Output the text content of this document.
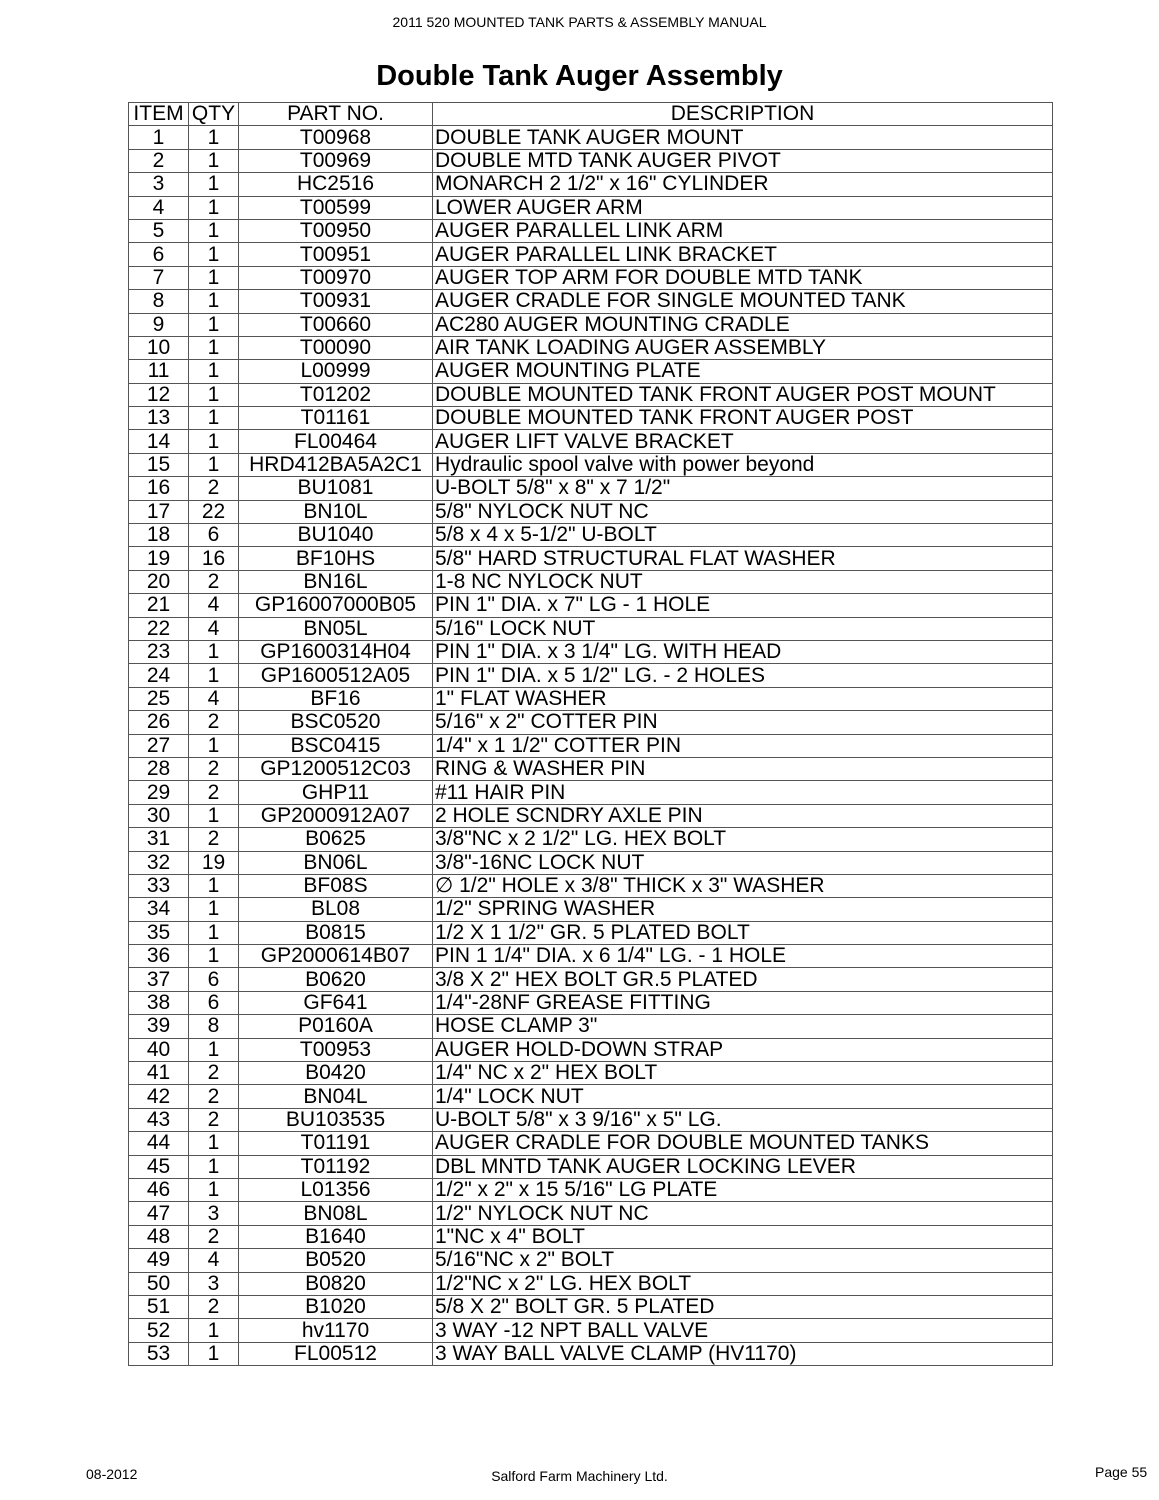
2011 520 MOUNTED TANK PARTS & ASSEMBLY MANUAL
Double Tank Auger Assembly
ITEM	QTY	PART NO.	DESCRIPTION
1	1	T00968	DOUBLE TANK AUGER MOUNT
2	1	T00969	DOUBLE MTD TANK AUGER PIVOT
3	1	HC2516	MONARCH 2 1/2" x 16" CYLINDER
4	1	T00599	LOWER AUGER ARM
5	1	T00950	AUGER PARALLEL LINK ARM
6	1	T00951	AUGER PARALLEL LINK BRACKET
7	1	T00970	AUGER TOP ARM FOR DOUBLE MTD TANK
8	1	T00931	AUGER CRADLE FOR SINGLE MOUNTED TANK
9	1	T00660	AC280 AUGER MOUNTING CRADLE
10	1	T00090	AIR TANK LOADING AUGER ASSEMBLY
11	1	L00999	AUGER MOUNTING PLATE
12	1	T01202	DOUBLE MOUNTED TANK FRONT AUGER POST MOUNT
13	1	T01161	DOUBLE MOUNTED TANK FRONT AUGER POST
14	1	FL00464	AUGER LIFT VALVE BRACKET
15	1	HRD412BA5A2C1	Hydraulic spool valve with power beyond
16	2	BU1081	U-BOLT 5/8" x 8" x 7 1/2"
17	22	BN10L	5/8" NYLOCK NUT NC
18	6	BU1040	5/8 x 4 x 5-1/2" U-BOLT
19	16	BF10HS	5/8" HARD STRUCTURAL FLAT WASHER
20	2	BN16L	1-8 NC NYLOCK NUT
21	4	GP16007000B05	PIN 1" DIA. x 7" LG - 1 HOLE
22	4	BN05L	5/16" LOCK NUT
23	1	GP1600314H04	PIN 1" DIA. x 3 1/4" LG. WITH HEAD
24	1	GP1600512A05	PIN 1" DIA. x 5 1/2" LG. - 2 HOLES
25	4	BF16	1" FLAT WASHER
26	2	BSC0520	5/16" x 2" COTTER PIN
27	1	BSC0415	1/4" x 1 1/2" COTTER PIN
28	2	GP1200512C03	RING & WASHER PIN
29	2	GHP11	#11 HAIR PIN
30	1	GP2000912A07	2 HOLE SCNDRY AXLE PIN
31	2	B0625	3/8"NC x 2 1/2" LG. HEX BOLT
32	19	BN06L	3/8"-16NC LOCK NUT
33	1	BF08S	∅ 1/2" HOLE x 3/8" THICK x 3" WASHER
34	1	BL08	1/2" SPRING WASHER
35	1	B0815	1/2 X 1 1/2" GR. 5 PLATED BOLT
36	1	GP2000614B07	PIN 1 1/4" DIA. x 6 1/4" LG. - 1 HOLE
37	6	B0620	3/8 X 2" HEX BOLT GR.5 PLATED
38	6	GF641	1/4"-28NF GREASE FITTING
39	8	P0160A	HOSE CLAMP 3"
40	1	T00953	AUGER HOLD-DOWN STRAP
41	2	B0420	1/4" NC x 2" HEX BOLT
42	2	BN04L	1/4" LOCK NUT
43	2	BU103535	U-BOLT 5/8" x 3 9/16" x 5" LG.
44	1	T01191	AUGER CRADLE FOR DOUBLE MOUNTED TANKS
45	1	T01192	DBL MNTD TANK AUGER LOCKING LEVER
46	1	L01356	1/2" x 2" x 15 5/16" LG PLATE
47	3	BN08L	1/2" NYLOCK NUT NC
48	2	B1640	1"NC x 4" BOLT
49	4	B0520	5/16"NC x 2" BOLT
50	3	B0820	1/2"NC x 2" LG. HEX BOLT
51	2	B1020	5/8 X 2" BOLT GR. 5 PLATED
52	1	hv1170	3 WAY -12 NPT BALL VALVE
53	1	FL00512	3 WAY BALL VALVE CLAMP (HV1170)
08-2012	Salford Farm Machinery Ltd.	Page 55
